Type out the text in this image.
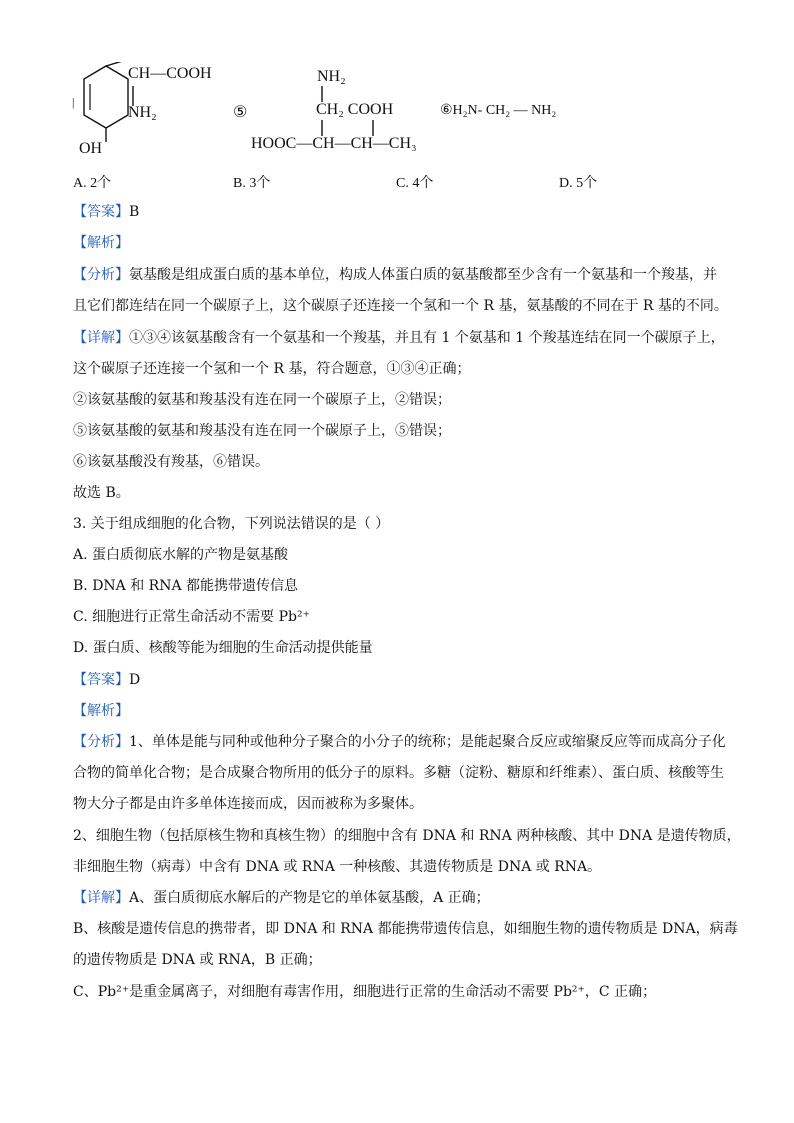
|
CH—COOH
NH₂
OH
⑤
NH₂
CH₂ COOH
HOOC—CH—CH—CH₃
⑥H₂N- CH₂ — NH₂
A. 2个	B. 3个	C. 4个	D. 5个
【答案】B
【解析】
【分析】氨基酸是组成蛋白质的基本单位，构成人体蛋白质的氨基酸都至少含有一个氨基和一个羧基，并
且它们都连结在同一个碳原子上，这个碳原子还连接一个氢和一个 R 基，氨基酸的不同在于 R 基的不同。
【详解】①③④该氨基酸含有一个氨基和一个羧基，并且有 1 个氨基和 1 个羧基连结在同一个碳原子上，
这个碳原子还连接一个氢和一个 R 基，符合题意，①③④正确；
②该氨基酸的氨基和羧基没有连在同一个碳原子上，②错误；
⑤该氨基酸的氨基和羧基没有连在同一个碳原子上，⑤错误；
⑥该氨基酸没有羧基，⑥错误。
故选 B。
3. 关于组成细胞的化合物，下列说法错误的是（ ）
A. 蛋白质彻底水解的产物是氨基酸
B. DNA 和 RNA 都能携带遗传信息
C. 细胞进行正常生命活动不需要 Pb²⁺
D. 蛋白质、核酸等能为细胞的生命活动提供能量
【答案】D
【解析】
【分析】1、单体是能与同种或他种分子聚合的小分子的统称；是能起聚合反应或缩聚反应等而成高分子化
合物的简单化合物；是合成聚合物所用的低分子的原料。多糖（淀粉、糖原和纤维素）、蛋白质、核酸等生
物大分子都是由许多单体连接而成，因而被称为多聚体。
2、细胞生物（包括原核生物和真核生物）的细胞中含有 DNA 和 RNA 两种核酸、其中 DNA 是遗传物质，
非细胞生物（病毒）中含有 DNA 或 RNA 一种核酸、其遗传物质是 DNA 或 RNA。
【详解】A、蛋白质彻底水解后的产物是它的单体氨基酸，A 正确；
B、核酸是遗传信息的携带者，即 DNA 和 RNA 都能携带遗传信息，如细胞生物的遗传物质是 DNA，病毒
的遗传物质是 DNA 或 RNA，B 正确；
C、Pb²⁺是重金属离子，对细胞有毒害作用，细胞进行正常的生命活动不需要 Pb²⁺，C 正确；
